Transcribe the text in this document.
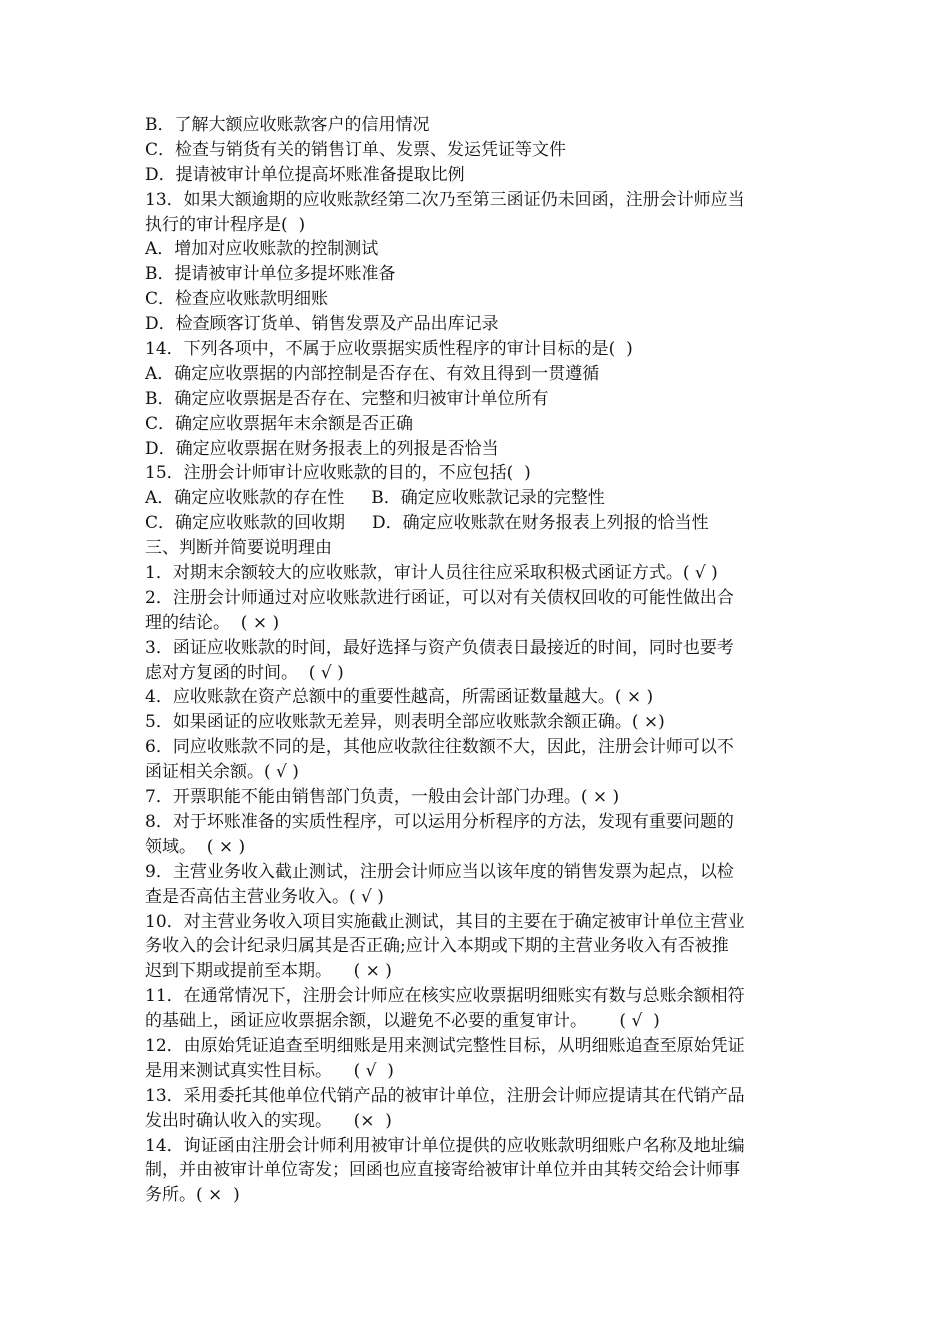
B．了解大额应收账款客户的信用情况
C．检查与销货有关的销售订单、发票、发运凭证等文件
D．提请被审计单位提高坏账准备提取比例
13．如果大额逾期的应收账款经第二次乃至第三函证仍未回函，注册会计师应当
执行的审计程序是(  )
A．增加对应收账款的控制测试
B．提请被审计单位多提坏账准备
C．检查应收账款明细账
D．检查顾客订货单、销售发票及产品出库记录
14．下列各项中，不属于应收票据实质性程序的审计目标的是(  )
A．确定应收票据的内部控制是否存在、有效且得到一贯遵循
B．确定应收票据是否存在、完整和归被审计单位所有
C．确定应收票据年末余额是否正确
D．确定应收票据在财务报表上的列报是否恰当
15．注册会计师审计应收账款的目的，不应包括(  )
A．确定应收账款的存在性     B．确定应收账款记录的完整性
C．确定应收账款的回收期     D．确定应收账款在财务报表上列报的恰当性
三、判断并简要说明理由
1．对期末余额较大的应收账款，审计人员往往应采取积极式函证方式。( √ )
2．注册会计师通过对应收账款进行函证，可以对有关债权回收的可能性做出合
理的结论。  ( × )
3．函证应收账款的时间，最好选择与资产负债表日最接近的时间，同时也要考
虑对方复函的时间。  ( √ )
4．应收账款在资产总额中的重要性越高，所需函证数量越大。( × )
5．如果函证的应收账款无差异，则表明全部应收账款余额正确。( ×)
6．同应收账款不同的是，其他应收款往往数额不大，因此，注册会计师可以不
函证相关余额。( √ )
7．开票职能不能由销售部门负责，一般由会计部门办理。( × )
8．对于坏账准备的实质性程序，可以运用分析程序的方法，发现有重要问题的
领域。  ( × )
9．主营业务收入截止测试，注册会计师应当以该年度的销售发票为起点，以检
查是否高估主营业务收入。( √ )
10．对主营业务收入项目实施截止测试，其目的主要在于确定被审计单位主营业
务收入的会计纪录归属其是否正确;应计入本期或下期的主营业务收入有否被推
迟到下期或提前至本期。    ( × )
11．在通常情况下，注册会计师应在核实应收票据明细账实有数与总账余额相符
的基础上，函证应收票据余额，以避免不必要的重复审计。      ( √  )
12．由原始凭证追查至明细账是用来测试完整性目标，从明细账追查至原始凭证
是用来测试真实性目标。    ( √  )
13．采用委托其他单位代销产品的被审计单位，注册会计师应提请其在代销产品
发出时确认收入的实现。    (×  )
14．询证函由注册会计师利用被审计单位提供的应收账款明细账户名称及地址编
制，并由被审计单位寄发；回函也应直接寄给被审计单位并由其转交给会计师事
务所。( ×  )
